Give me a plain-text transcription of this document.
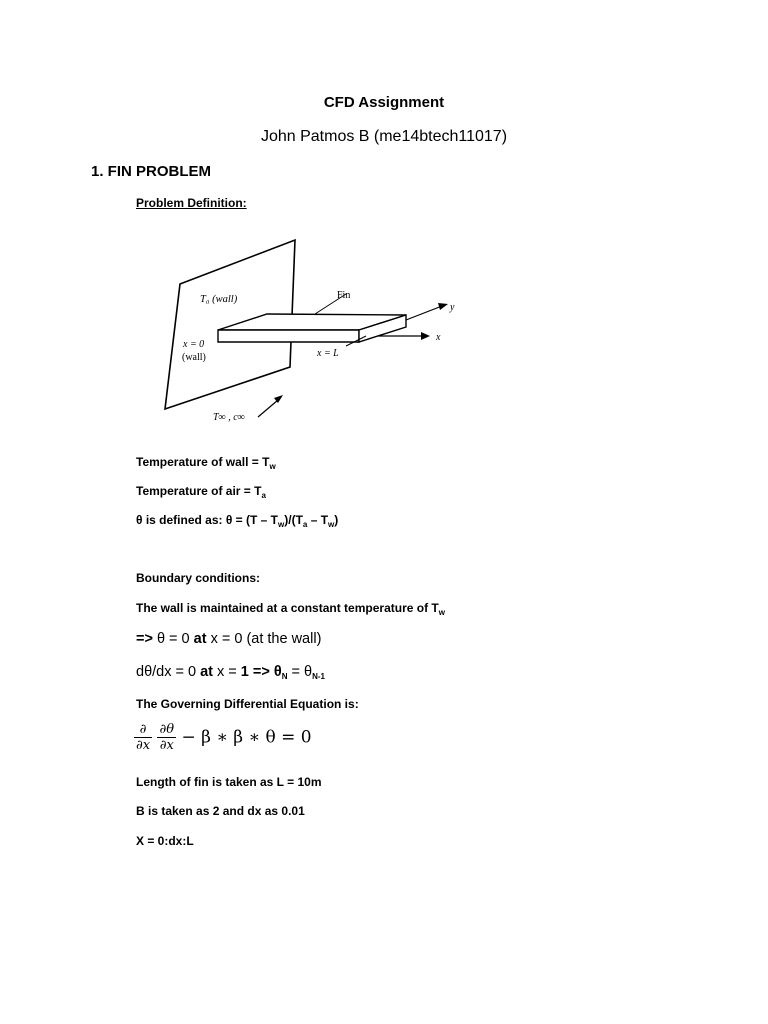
CFD Assignment
John Patmos B (me14btech11017)
1. FIN PROBLEM
Problem Definition:
T₀ (wall)
x = 0
(wall)
Fin
x = L
y
x
T∞ , c∞
Temperature of wall = $T_w$
Temperature of air = $T_a$
θ is defined as: $\theta = (T - T_w)/(T_a - T_w)$
Boundary conditions:
The wall is maintained at a constant temperature of $T_w$
=> θ = 0 at x = 0 (at the wall)
dθ/dx = 0 at $x = 1 => \theta_N = \theta_{N-1}$
The Governing Differential Equation is:
$\frac{\partial}{\partial x}$
$\frac{\partial\theta}{\partial x} - \beta$ ∗ β ∗ θ = 0
Length of fin is taken as L = 10m
B is taken as 2 and dx as 0.01
X = 0:dx:L
